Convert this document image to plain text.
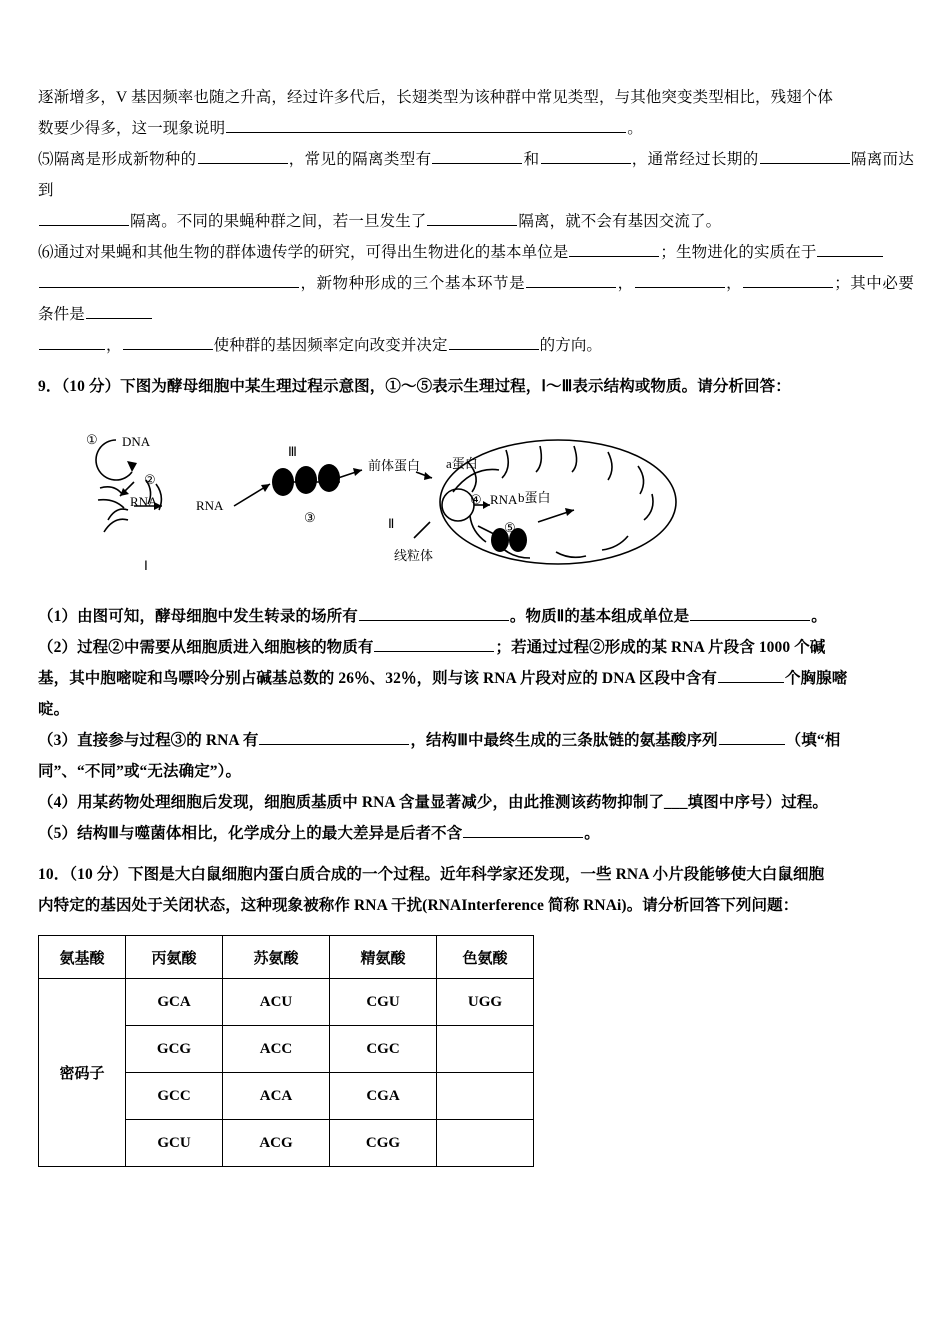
逐渐增多，V 基因频率也随之升高，经过许多代后，长翅类型为该种群中常见类型，与其他突变类型相比，残翅个体

数要少得多，这一现象说明	。

⑸隔离是形成新物种的	，常见的隔离类型有	和	，通常经过长期的	隔离而达到

隔离。不同的果蝇种群之间，若一旦发生了	隔离，就不会有基因交流了。

⑹通过对果蝇和其他生物的群体遗传学的研究，可得出生物进化的基本单位是	；生物进化的实质在于

，新物种形成的三个基本环节是	，	，	；其中必要条件是

，	使种群的基因频率定向改变并决定	的方向。

9．（10 分）下图为酵母细胞中某生理过程示意图，①～⑤表示生理过程，Ⅰ～Ⅲ表示结构或物质。请分析回答：

① DNA
②
RNA	RNA
③
Ⅲ
前体蛋白 a蛋白
④ RNA
⑤
b蛋白
Ⅱ
线粒体
Ⅰ

（1）由图可知，酵母细胞中发生转录的场所有	。物质Ⅱ的基本组成单位是	。

（2）过程②中需要从细胞质进入细胞核的物质有	；若通过过程②形成的某 RNA 片段含 1000 个碱

基，其中胞嘧啶和鸟嘌呤分别占碱基总数的 26％、32％，则与该 RNA 片段对应的 DNA 区段中含有	个胸腺嘧

啶。

（3）直接参与过程③的 RNA 有	，结构Ⅲ中最终生成的三条肽链的氨基酸序列	（填“相

同”、“不同”或“无法确定”）。

（4）用某药物处理细胞后发现，细胞质基质中 RNA 含量显著减少，由此推测该药物抑制了___填图中序号）过程。

（5）结构Ⅲ与噬菌体相比，化学成分上的最大差异是后者不含	。

10．（10 分）下图是大白鼠细胞内蛋白质合成的一个过程。近年科学家还发现，一些 RNA 小片段能够使大白鼠细胞

内特定的基因处于关闭状态，这种现象被称作 RNA 干扰(RNAInterference 简称 RNAi)。请分析回答下列问题：

氨基酸	丙氨酸	苏氨酸	精氨酸	色氨酸
密码子	GCA	ACU	CGU	UGG
	GCG	ACC	CGC	
	GCC	ACA	CGA	
	GCU	ACG	CGG	
